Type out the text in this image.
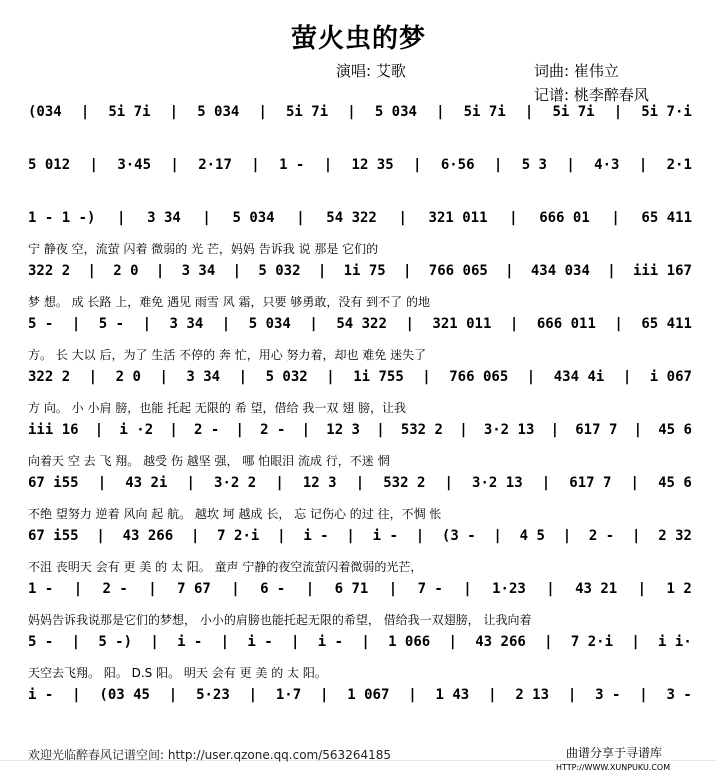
萤火虫的梦
演唱: 艾歌	词曲: 崔伟立
记谱: 桃李醉春风
(034 | 5i 7i | 5 034 | 5i 7i | 5 034 | 5i 7i | 5i 7i | 5i 7·i
5 012 | 3·45 | 2·17 | 1 - | 12 35 | 6·56 | 5 3 | 4·3 | 2·1
1 - 1 -) | 3 34 | 5 034 | 54 322 | 321 011 | 666 01 | 65 411
宁 静夜 空，流萤 闪着 微弱的 光 芒，妈妈 告诉我 说 那是 它们的
322 2 | 2 0 | 3 34 | 5 032 | 1i 75 | 766 065 | 434 034 | iii 167
梦 想。 成 长路 上，难免 遇见 雨雪 风 霜，只要 够勇敢，没有 到不了 的地
5 - | 5 - | 3 34 | 5 034 | 54 322 | 321 011 | 666 011 | 65 411
方。 长 大以 后，为了 生活 不停的 奔 忙，用心 努力着，却也 难免 迷失了
322 2 | 2 0 | 3 34 | 5 032 | 1i 755 | 766 065 | 434 4i | i 067
方 向。 小 小肩 膀，也能 托起 无限的 希 望，借给 我一双 翅 膀，让我
iii 16 | i ·2 | 2 - | 2 - | 12 3 | 532 2 | 3·2 13 | 617 7 | 45 6
向着天 空 去 飞 翔。 越受 伤 越坚 强， 哪 怕眼泪 流成 行，不迷 惘
67 i55 | 43 2i | 3·2 2 | 12 3 | 532 2 | 3·2 13 | 617 7 | 45 6
不绝 望努力 逆着 风向 起 航。 越坎 坷 越成 长， 忘 记伤心 的过 往，不惆 怅
67 i55 | 43 266 | 7 2·i | i - | i - | (3 - | 4 5 | 2 - | 2 32
不沮 丧明天 会有 更 美 的 太 阳。 童声 宁静的夜空流萤闪着微弱的光芒，
1 - | 2 - | 7 67 | 6 - | 6 71 | 7 - | 1·23 | 43 21 | 1 2
妈妈告诉我说那是它们的梦想， 小小的肩膀也能托起无限的希望， 借给我一双翅膀， 让我向着
5 - | 5 -) | i - | i - | i - | 1 066 | 43 266 | 7 2·i | i i·
天空去飞翔。 阳。 D.S 阳。 明天 会有 更 美 的 太 阳。
i - | (03 45 | 5·23 | 1·7 | 1 067 | 1 43 | 2 13 | 3 - | 3 -
欢迎光临醉春风记谱空间: http://user.qzone.qq.com/563264185	曲谱分享于寻谱库
HTTP://WWW.XUNPUKU.COM
